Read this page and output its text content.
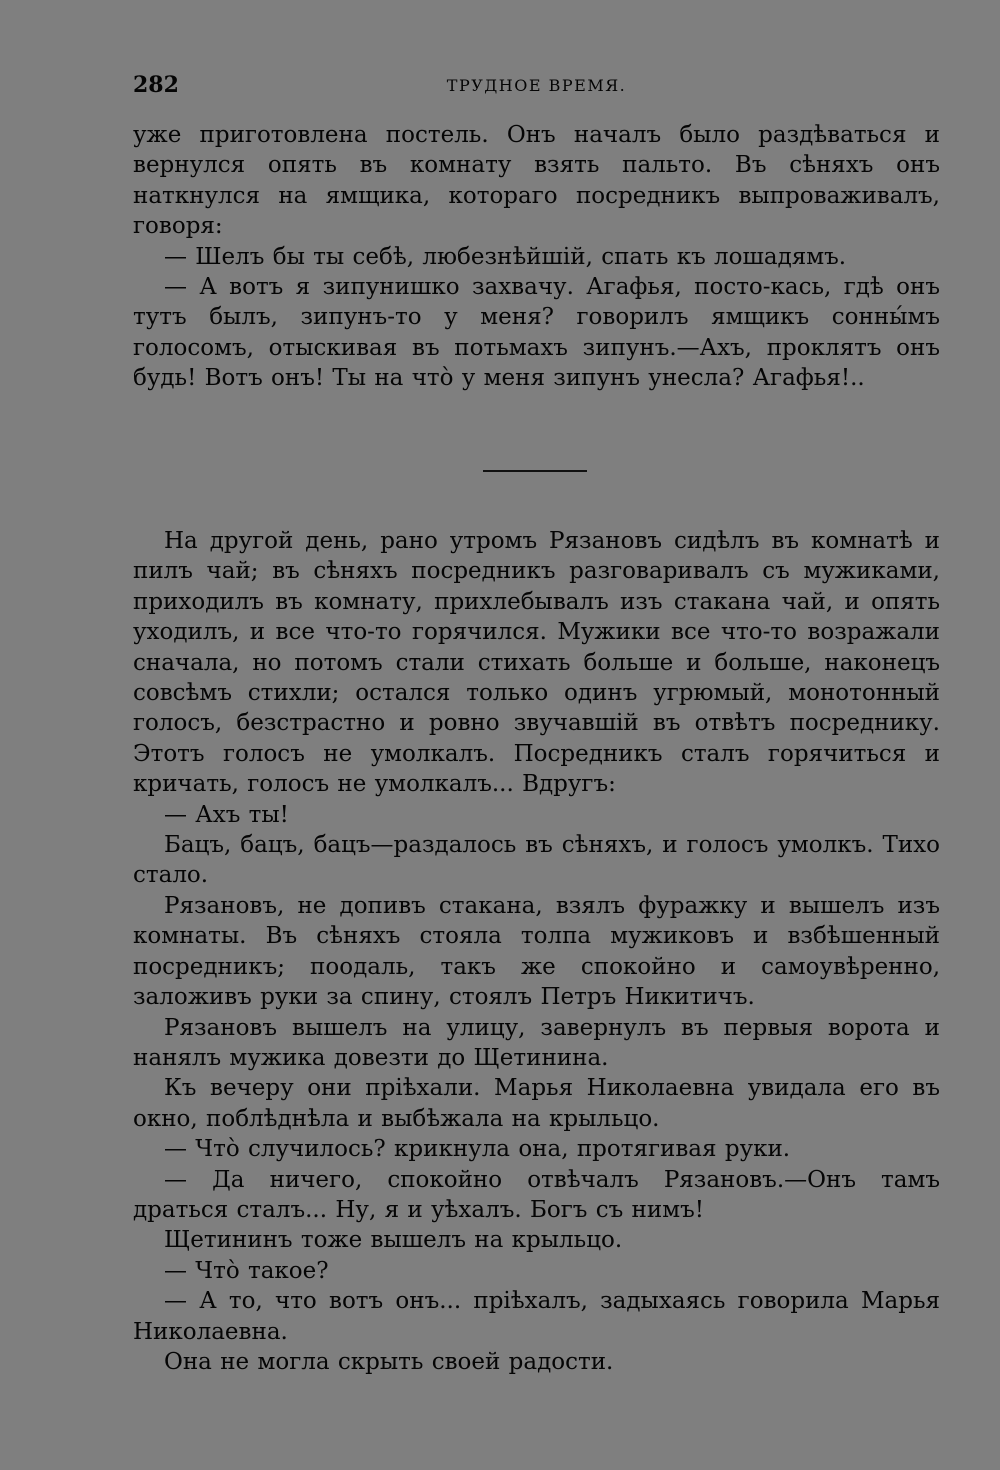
282	ТРУДНОЕ ВРЕМЯ.

уже приготовлена постель. Онъ началъ было раздѣваться и вернулся опять въ комнату взять пальто. Въ сѣняхъ онъ наткнулся на ямщика, котораго посредникъ выпроваживалъ, говоря:

— Шелъ бы ты себѣ, любезнѣйшій, спать къ лошадямъ.

— А вотъ я зипунишко захвачу. Агафья, посто-кась, гдѣ онъ тутъ былъ, зипунъ-то у меня? говорилъ ямщикъ сонны́мъ голосомъ, отыскивая въ потьмахъ зипунъ.—Ахъ, проклятъ онъ будь! Вотъ онъ! Ты на что̀ у меня зипунъ унесла? Агафья!..

На другой день, рано утромъ Рязановъ сидѣлъ въ комнатѣ и пилъ чай; въ сѣняхъ посредникъ разговаривалъ съ мужиками, приходилъ въ комнату, прихлебывалъ изъ стакана чай, и опять уходилъ, и все что-то горячился. Мужики все что-то возражали сначала, но потомъ стали стихать больше и больше, наконецъ совсѣмъ стихли; остался только одинъ угрюмый, монотонный голосъ, безстрастно и ровно звучавшій въ отвѣтъ посреднику. Этотъ голосъ не умолкалъ. Посредникъ сталъ горячиться и кричать, голосъ не умолкалъ... Вдругъ:

— Ахъ ты!

Бацъ, бацъ, бацъ—раздалось въ сѣняхъ, и голосъ умолкъ. Тихо стало.

Рязановъ, не допивъ стакана, взялъ фуражку и вышелъ изъ комнаты. Въ сѣняхъ стояла толпа мужиковъ и взбѣшенный посредникъ; поодаль, такъ же спокойно и самоувѣренно, заложивъ руки за спину, стоялъ Петръ Никитичъ.

Рязановъ вышелъ на улицу, завернулъ въ первыя ворота и нанялъ мужика довезти до Щетинина.

Къ вечеру они пріѣхали. Марья Николаевна увидала его въ окно, поблѣднѣла и выбѣжала на крыльцо.

— Что̀ случилось? крикнула она, протягивая руки.

— Да ничего, спокойно отвѣчалъ Рязановъ.—Онъ тамъ драться сталъ... Ну, я и уѣхалъ. Богъ съ нимъ!

Щетининъ тоже вышелъ на крыльцо.

— Что̀ такое?

— А то, что вотъ онъ... пріѣхалъ, задыхаясь говорила Марья Николаевна.

Она не могла скрыть своей радости.
